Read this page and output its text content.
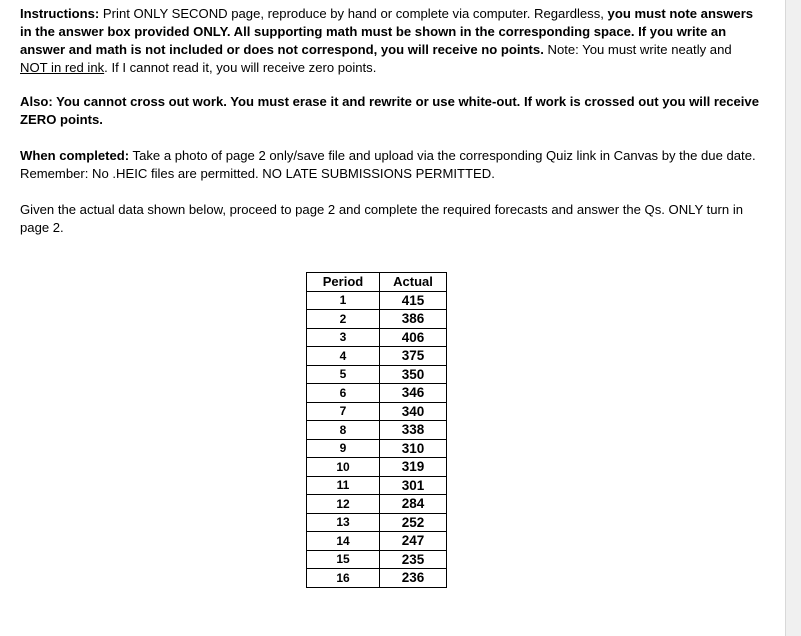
Instructions: Print ONLY SECOND page, reproduce by hand or complete via computer. Regardless, you must note answers in the answer box provided ONLY. All supporting math must be shown in the corresponding space. If you write an answer and math is not included or does not correspond, you will receive no points. Note: You must write neatly and NOT in red ink. If I cannot read it, you will receive zero points.

Also: You cannot cross out work. You must erase it and rewrite or use white-out. If work is crossed out you will receive ZERO points.

When completed: Take a photo of page 2 only/save file and upload via the corresponding Quiz link in Canvas by the due date. Remember: No .HEIC files are permitted. NO LATE SUBMISSIONS PERMITTED.

Given the actual data shown below, proceed to page 2 and complete the required forecasts and answer the Qs. ONLY turn in page 2.

Period	Actual
1	415
2	386
3	406
4	375
5	350
6	346
7	340
8	338
9	310
10	319
11	301
12	284
13	252
14	247
15	235
16	236
